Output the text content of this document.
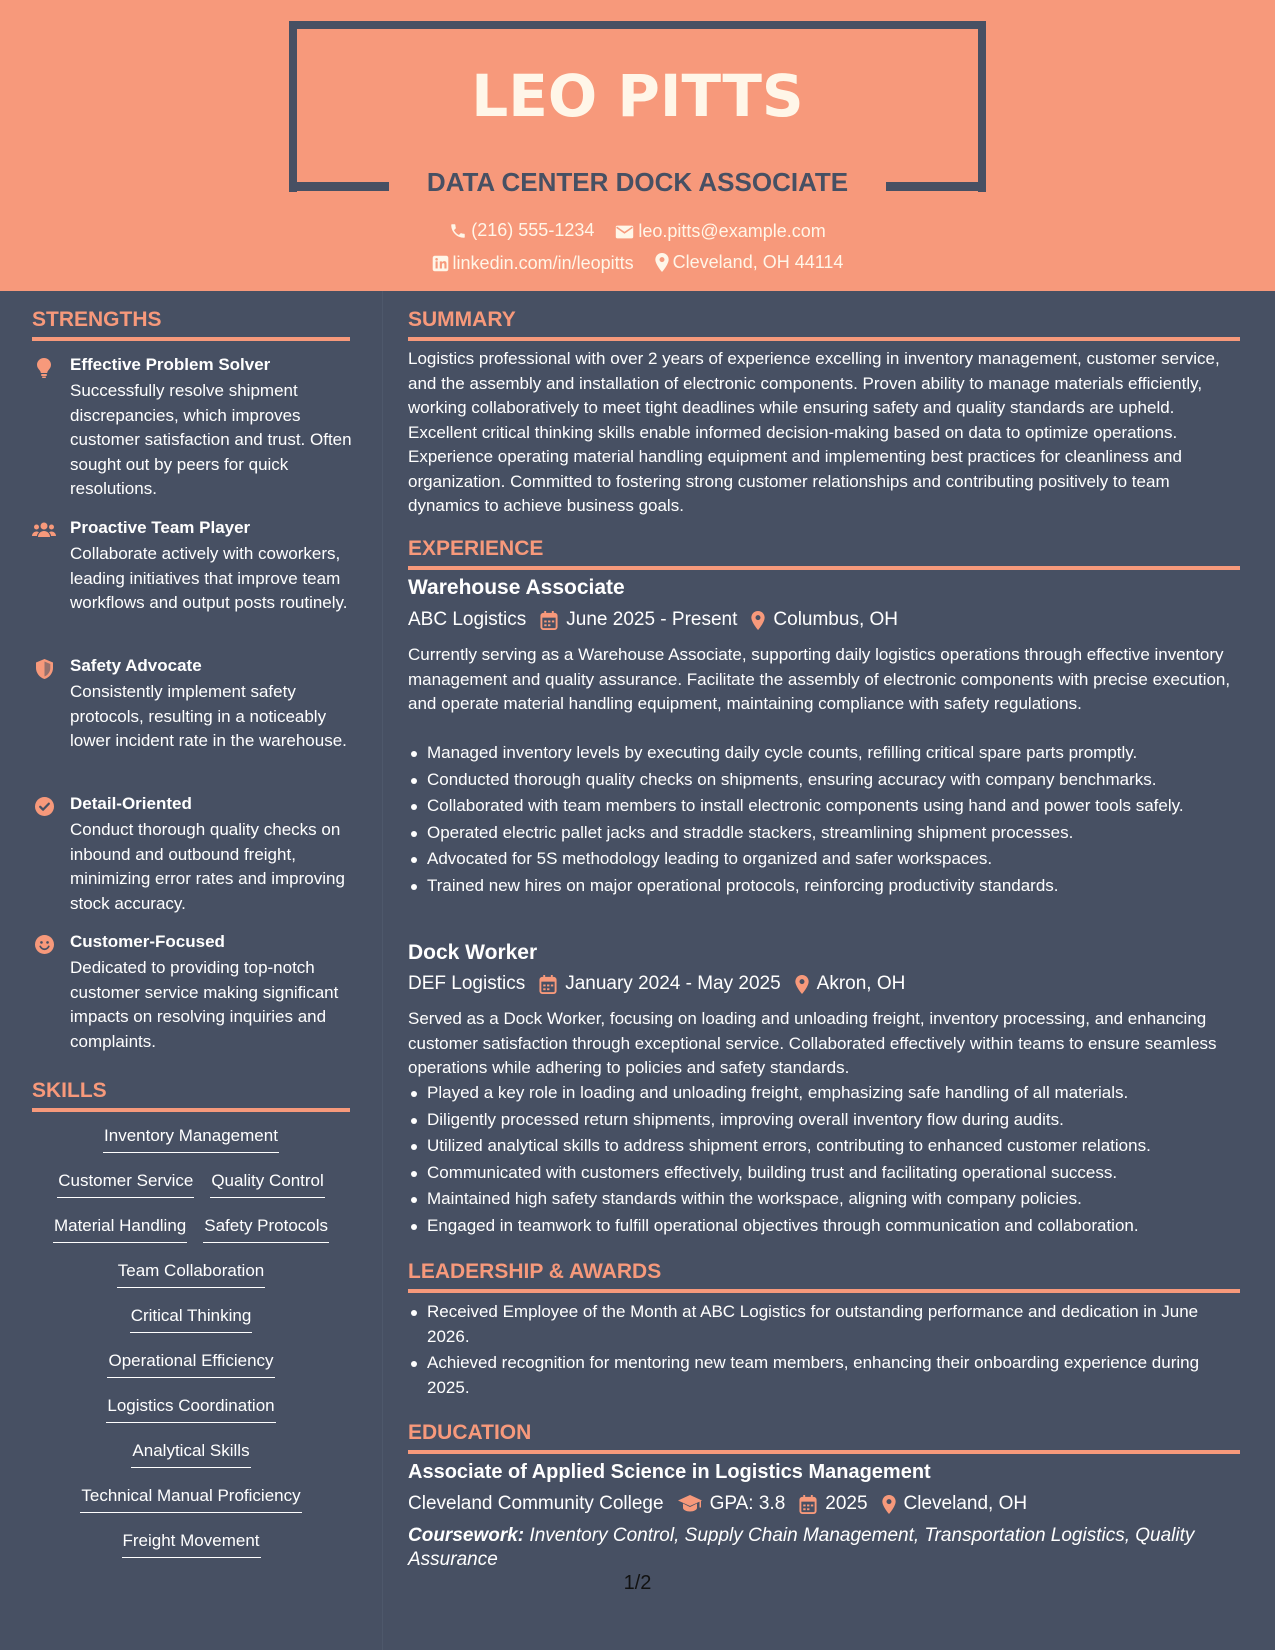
LEO PITTS
DATA CENTER DOCK ASSOCIATE
(216) 555-1234
leo.pitts@example.com
linkedin.com/in/leopitts
Cleveland, OH 44114
STRENGTHS
Effective Problem Solver
Successfully resolve shipment discrepancies, which improves customer satisfaction and trust. Often sought out by peers for quick resolutions.
Proactive Team Player
Collaborate actively with coworkers, leading initiatives that improve team workflows and output posts routinely.
Safety Advocate
Consistently implement safety protocols, resulting in a noticeably lower incident rate in the warehouse.
Detail-Oriented
Conduct thorough quality checks on inbound and outbound freight, minimizing error rates and improving stock accuracy.
Customer-Focused
Dedicated to providing top-notch customer service making significant impacts on resolving inquiries and complaints.
SKILLS
Inventory Management
Customer Service Quality Control
Material Handling Safety Protocols
Team Collaboration
Critical Thinking
Operational Efficiency
Logistics Coordination
Analytical Skills
Technical Manual Proficiency
Freight Movement
SUMMARY
Logistics professional with over 2 years of experience excelling in inventory management, customer service, and the assembly and installation of electronic components. Proven ability to manage materials efficiently, working collaboratively to meet tight deadlines while ensuring safety and quality standards are upheld. Excellent critical thinking skills enable informed decision-making based on data to optimize operations. Experience operating material handling equipment and implementing best practices for cleanliness and organization. Committed to fostering strong customer relationships and contributing positively to team dynamics to achieve business goals.
EXPERIENCE
Warehouse Associate
ABC Logistics June 2025 - Present Columbus, OH
Currently serving as a Warehouse Associate, supporting daily logistics operations through effective inventory management and quality assurance. Facilitate the assembly of electronic components with precise execution, and operate material handling equipment, maintaining compliance with safety regulations.
Managed inventory levels by executing daily cycle counts, refilling critical spare parts promptly.
Conducted thorough quality checks on shipments, ensuring accuracy with company benchmarks.
Collaborated with team members to install electronic components using hand and power tools safely.
Operated electric pallet jacks and straddle stackers, streamlining shipment processes.
Advocated for 5S methodology leading to organized and safer workspaces.
Trained new hires on major operational protocols, reinforcing productivity standards.
Dock Worker
DEF Logistics January 2024 - May 2025 Akron, OH
Served as a Dock Worker, focusing on loading and unloading freight, inventory processing, and enhancing customer satisfaction through exceptional service. Collaborated effectively within teams to ensure seamless operations while adhering to policies and safety standards.
Played a key role in loading and unloading freight, emphasizing safe handling of all materials.
Diligently processed return shipments, improving overall inventory flow during audits.
Utilized analytical skills to address shipment errors, contributing to enhanced customer relations.
Communicated with customers effectively, building trust and facilitating operational success.
Maintained high safety standards within the workspace, aligning with company policies.
Engaged in teamwork to fulfill operational objectives through communication and collaboration.
LEADERSHIP & AWARDS
Received Employee of the Month at ABC Logistics for outstanding performance and dedication in June 2026.
Achieved recognition for mentoring new team members, enhancing their onboarding experience during 2025.
EDUCATION
Associate of Applied Science in Logistics Management
Cleveland Community College GPA: 3.8 2025 Cleveland, OH
Coursework: Inventory Control, Supply Chain Management, Transportation Logistics, Quality Assurance
1/2
